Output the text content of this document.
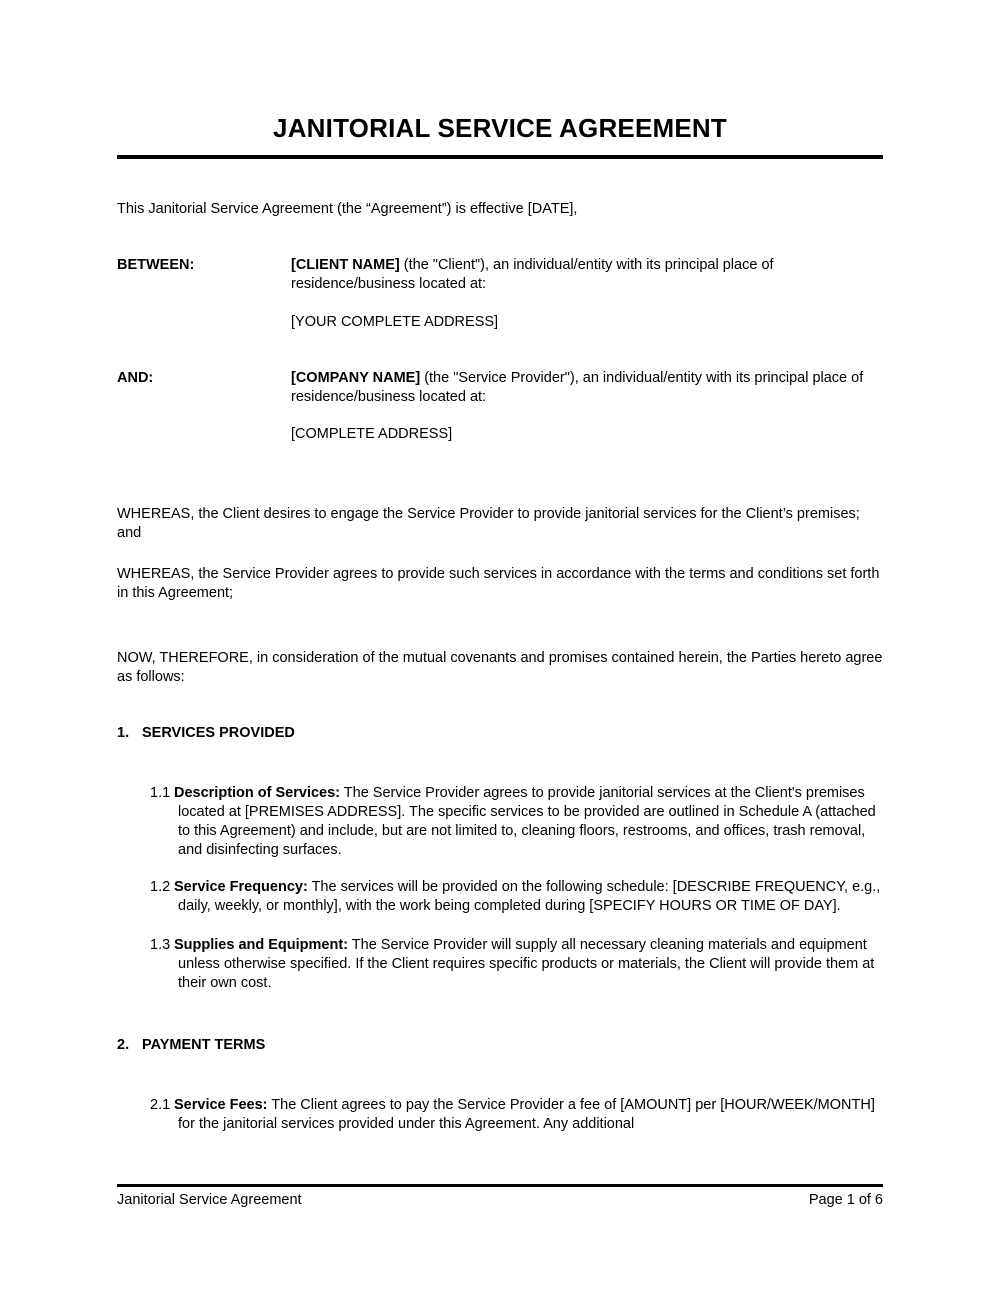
JANITORIAL SERVICE AGREEMENT
This Janitorial Service Agreement (the “Agreement”) is effective [DATE],
BETWEEN:	[CLIENT NAME] (the "Client"), an individual/entity with its principal place of residence/business located at:
[YOUR COMPLETE ADDRESS]
AND:	[COMPANY NAME] (the "Service Provider"), an individual/entity with its principal place of residence/business located at:
[COMPLETE ADDRESS]
WHEREAS, the Client desires to engage the Service Provider to provide janitorial services for the Client’s premises; and
WHEREAS, the Service Provider agrees to provide such services in accordance with the terms and conditions set forth in this Agreement;
NOW, THEREFORE, in consideration of the mutual covenants and promises contained herein, the Parties hereto agree as follows:
1. SERVICES PROVIDED
1.1 Description of Services: The Service Provider agrees to provide janitorial services at the Client's premises located at [PREMISES ADDRESS]. The specific services to be provided are outlined in Schedule A (attached to this Agreement) and include, but are not limited to, cleaning floors, restrooms, and offices, trash removal, and disinfecting surfaces.
1.2 Service Frequency: The services will be provided on the following schedule: [DESCRIBE FREQUENCY, e.g., daily, weekly, or monthly], with the work being completed during [SPECIFY HOURS OR TIME OF DAY].
1.3 Supplies and Equipment: The Service Provider will supply all necessary cleaning materials and equipment unless otherwise specified. If the Client requires specific products or materials, the Client will provide them at their own cost.
2. PAYMENT TERMS
2.1 Service Fees: The Client agrees to pay the Service Provider a fee of [AMOUNT] per [HOUR/WEEK/MONTH] for the janitorial services provided under this Agreement. Any additional
Janitorial Service Agreement	Page 1 of 6
